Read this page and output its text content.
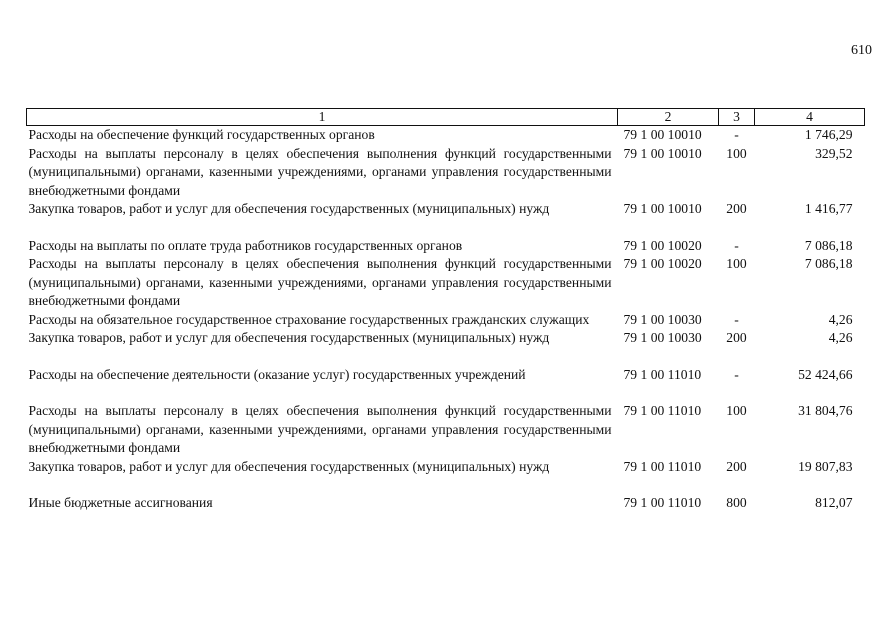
610
1	2	3	4
Расходы на обеспечение функций государственных органов	79 1 00 10010	-	1 746,29
Расходы на выплаты персоналу в целях обеспечения выполнения функций государственными (муниципальными) органами, казенными учреждениями, органами управления государственными внебюджетными фондами	79 1 00 10010	100	329,52
Закупка товаров, работ и услуг для обеспечения государственных (муниципальных) нужд	79 1 00 10010	200	1 416,77
Расходы на выплаты по оплате труда работников государственных органов	79 1 00 10020	-	7 086,18
Расходы на выплаты персоналу в целях обеспечения выполнения функций государственными (муниципальными) органами, казенными учреждениями, органами управления государственными внебюджетными фондами	79 1 00 10020	100	7 086,18
Расходы на обязательное государственное страхование государственных гражданских служащих	79 1 00 10030	-	4,26
Закупка товаров, работ и услуг для обеспечения государственных (муниципальных) нужд	79 1 00 10030	200	4,26
Расходы на обеспечение деятельности (оказание услуг) государственных учреждений	79 1 00 11010	-	52 424,66
Расходы на выплаты персоналу в целях обеспечения выполнения функций государственными (муниципальными) органами, казенными учреждениями, органами управления государственными внебюджетными фондами	79 1 00 11010	100	31 804,76
Закупка товаров, работ и услуг для обеспечения государственных (муниципальных) нужд	79 1 00 11010	200	19 807,83
Иные бюджетные ассигнования	79 1 00 11010	800	812,07
